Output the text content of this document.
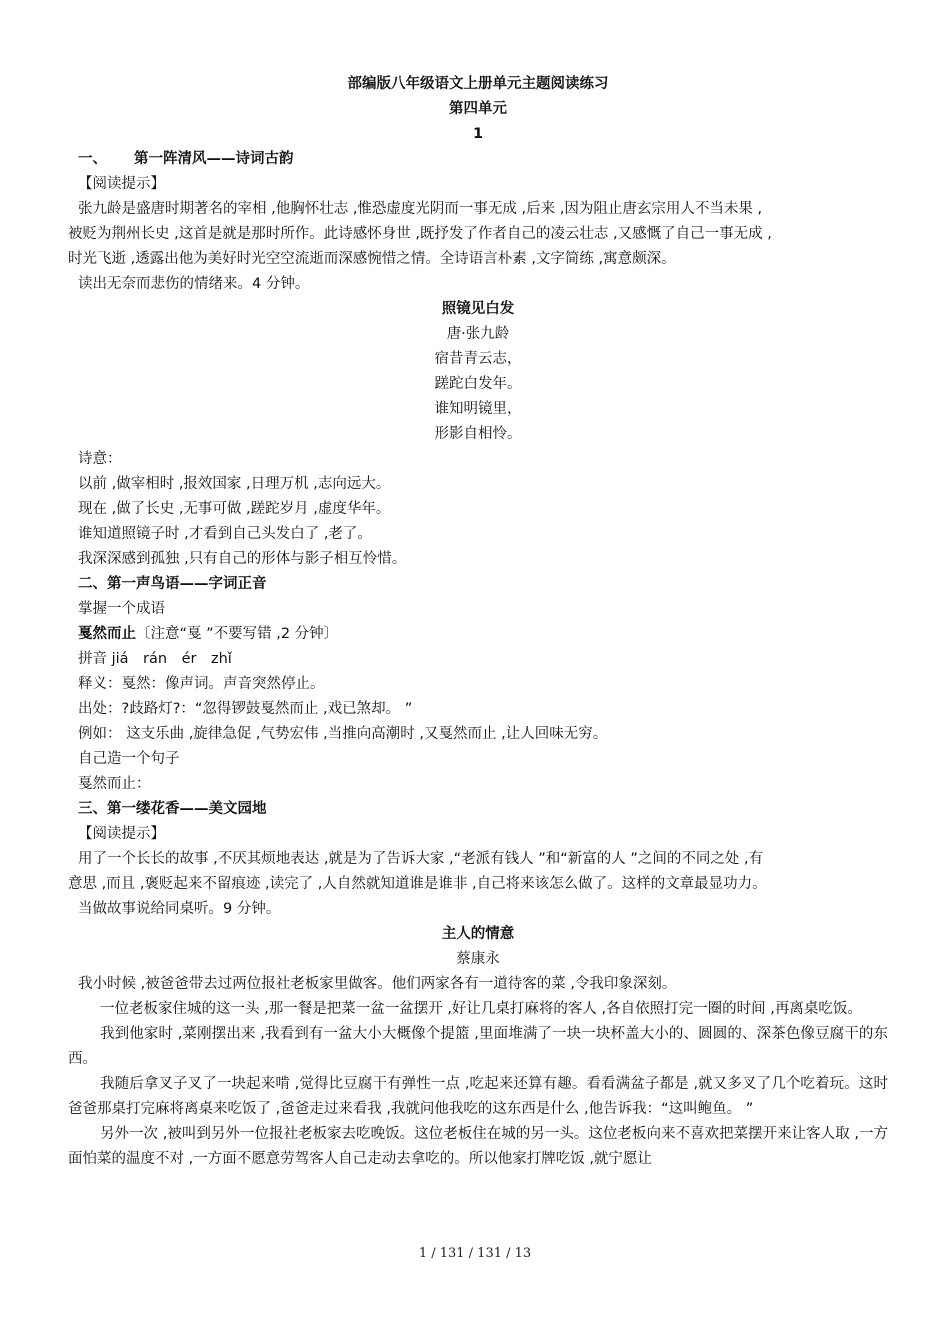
部编版八年级语文上册单元主题阅读练习
第四单元
1
一、 第一阵清风——诗词古韵
【阅读提示】
张九龄是盛唐时期著名的宰相 ,他胸怀壮志 ,惟恐虚度光阴而一事无成 ,后来 ,因为阻止唐玄宗用人不当未果 ,
被贬为荆州长史 ,这首是就是那时所作。此诗感怀身世 ,既抒发了作者自己的凌云壮志 ,又感慨了自己一事无成 ,
时光飞逝 ,透露出他为美好时光空空流逝而深感惋惜之情。全诗语言朴素 ,文字简练 ,寓意颇深。
读出无奈而悲伤的情绪来。4 分钟。
照镜见白发
唐·张九龄
宿昔青云志，
蹉跎白发年。
谁知明镜里，
形影自相怜。
诗意：
以前 ,做宰相时 ,报效国家 ,日理万机 ,志向远大。
现在 ,做了长史 ,无事可做 ,蹉跎岁月 ,虚度华年。
谁知道照镜子时 ,才看到自己头发白了 ,老了。
我深深感到孤独 ,只有自己的形体与影子相互怜惜。
二、第一声鸟语——字词正音
掌握一个成语
戛然而止〔注意“戛 ”不要写错 ,2 分钟〕
拼音 jiá　rán　ér　zhǐ
释义：戛然：像声词。声音突然停止。
出处：?歧路灯?：“忽得锣鼓戛然而止 ,戏已煞却。 ”
例如： 这支乐曲 ,旋律急促 ,气势宏伟 ,当推向高潮时 ,又戛然而止 ,让人回味无穷。
自己造一个句子
戛然而止：
三、第一缕花香——美文园地
【阅读提示】
用了一个长长的故事 ,不厌其烦地表达 ,就是为了告诉大家 ,“老派有钱人 ”和“新富的人 ”之间的不同之处 ,有
意思 ,而且 ,褒贬起来不留痕迹 ,读完了 ,人自然就知道谁是谁非 ,自己将来该怎么做了。这样的文章最显功力。
当做故事说给同桌听。9 分钟。
主人的情意
蔡康永
我小时候 ,被爸爸带去过两位报社老板家里做客。他们两家各有一道待客的菜 ,令我印象深刻。
一位老板家住城的这一头 ,那一餐是把菜一盆一盆摆开 ,好让几桌打麻将的客人 ,各自依照打完一圈的时间 ,再离桌吃饭。
我到他家时 ,菜刚摆出来 ,我看到有一盆大小大概像个提篮 ,里面堆满了一块一块杯盖大小的、圆圆的、深茶色像豆腐干的东西。
我随后拿叉子叉了一块起来啃 ,觉得比豆腐干有弹性一点 ,吃起来还算有趣。看看满盆子都是 ,就又多叉了几个吃着玩。这时爸爸那桌打完麻将离桌来吃饭了 ,爸爸走过来看我 ,我就问他我吃的这东西是什么 ,他告诉我：“这叫鲍鱼。 ”
另外一次 ,被叫到另外一位报社老板家去吃晚饭。这位老板住在城的另一头。这位老板向来不喜欢把菜摆开来让客人取 ,一方面怕菜的温度不对 ,一方面不愿意劳驾客人自己走动去拿吃的。所以他家打牌吃饭 ,就宁愿让
1 / 131 / 131 / 13
